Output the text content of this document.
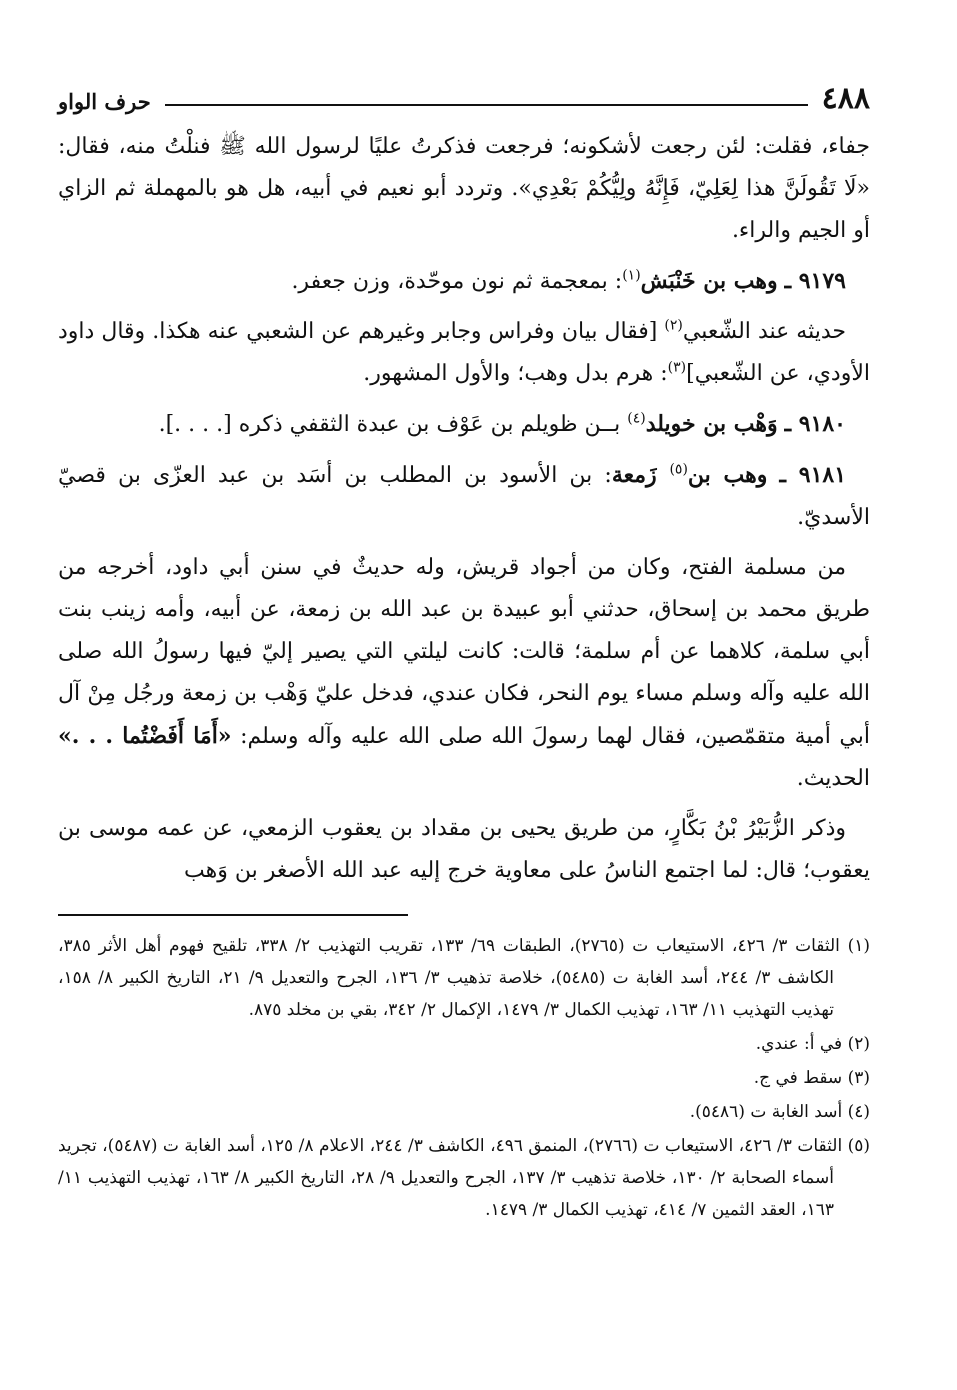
٤٨٨
حرف الواو

جفاء، فقلت: لئن رجعت لأشكونه؛ فرجعت فذكرتُ عليًا لرسول الله ﷺ فنلْتُ منه، فقال: «لَا تَقُولَنَّ هذا لِعَلِيّ، فَإِنَّهُ ولِيُّكُمْ بَعْدِي». وتردد أبو نعيم في أبيه، هل هو بالمهملة ثم الزاي أو الجيم والراء.

٩١٧٩ ـ وهب بن خَنْبَش$^{(١)}$: بمعجمة ثم نون موحّدة، وزن جعفر.

حديثه عند الشّعبي$^{(٢)}$ [فقال بيان وفراس وجابر وغيرهم عن الشعبي عنه هكذا. وقال داود الأودي، عن الشّعبي]$^{(٣)}$: هرم بدل وهب؛ والأول المشهور.

٩١٨٠ ـ وَهْب بن خويلد$^{(٤)}$ بــن ظويلم بن عَوْف بن عبدة الثقفي ذكره [. . . .].

٩١٨١ ـ وهب بن$^{(٥)}$ زَمعة: بن الأسود بن المطلب بن أسَد بن عبد العزّى بن قصيّ الأسديّ.

من مسلمة الفتح، وكان من أجواد قريش، وله حديثٌ في سنن أبي داود، أخرجه من طريق محمد بن إسحاق، حدثني أبو عبيدة بن عبد الله بن زمعة، عن أبيه، وأمه زينب بنت أبي سلمة، كلاهما عن أم سلمة؛ قالت: كانت ليلتي التي يصير إليّ فيها رسولُ الله صلى الله عليه وآله وسلم مساء يوم النحر، فكان عندي، فدخل عليّ وَهْب بن زمعة ورجُل مِنْ آل أبي أمية متقمّصين، فقال لهما رسولَ الله صلى الله عليه وآله وسلم: «أَمَا أَفَضْتُما . . .» الحديث.

وذكر الزُّبَيْرُ بْنُ بَكَّارٍ، من طريق يحيى بن مقداد بن يعقوب الزمعي، عن عمه موسى بن يعقوب؛ قال: لما اجتمع الناسُ على معاوية خرج إليه عبد الله الأصغر بن وَهب

(١) الثقات ٣/ ٤٢٦، الاستيعاب ت (٢٧٦٥)، الطبقات ٦٩/ ١٣٣، تقريب التهذيب ٢/ ٣٣٨، تلقيح فهوم أهل الأثر ٣٨٥، الكاشف ٣/ ٢٤٤، أسد الغابة ت (٥٤٨٥)، خلاصة تذهيب ٣/ ١٣٦، الجرح والتعديل ٩/ ٢١، التاريخ الكبير ٨/ ١٥٨، تهذيب التهذيب ١١/ ١٦٣، تهذيب الكمال ٣/ ١٤٧٩، الإكمال ٢/ ٣٤٢، بقي بن مخلد ٨٧٥.

(٢) في أ: عندي.

(٣) سقط في ج.

(٤) أسد الغابة ت (٥٤٨٦).

(٥) الثقات ٣/ ٤٢٦، الاستيعاب ت (٢٧٦٦)، المنمق ٤٩٦، الكاشف ٣/ ٢٤٤، الاعلام ٨/ ١٢٥، أسد الغابة ت (٥٤٨٧)، تجريد أسماء الصحابة ٢/ ١٣٠، خلاصة تذهيب ٣/ ١٣٧، الجرح والتعديل ٩/ ٢٨، التاريخ الكبير ٨/ ١٦٣، تهذيب التهذيب ١١/ ١٦٣، العقد الثمين ٧/ ٤١٤، تهذيب الكمال ٣/ ١٤٧٩.
